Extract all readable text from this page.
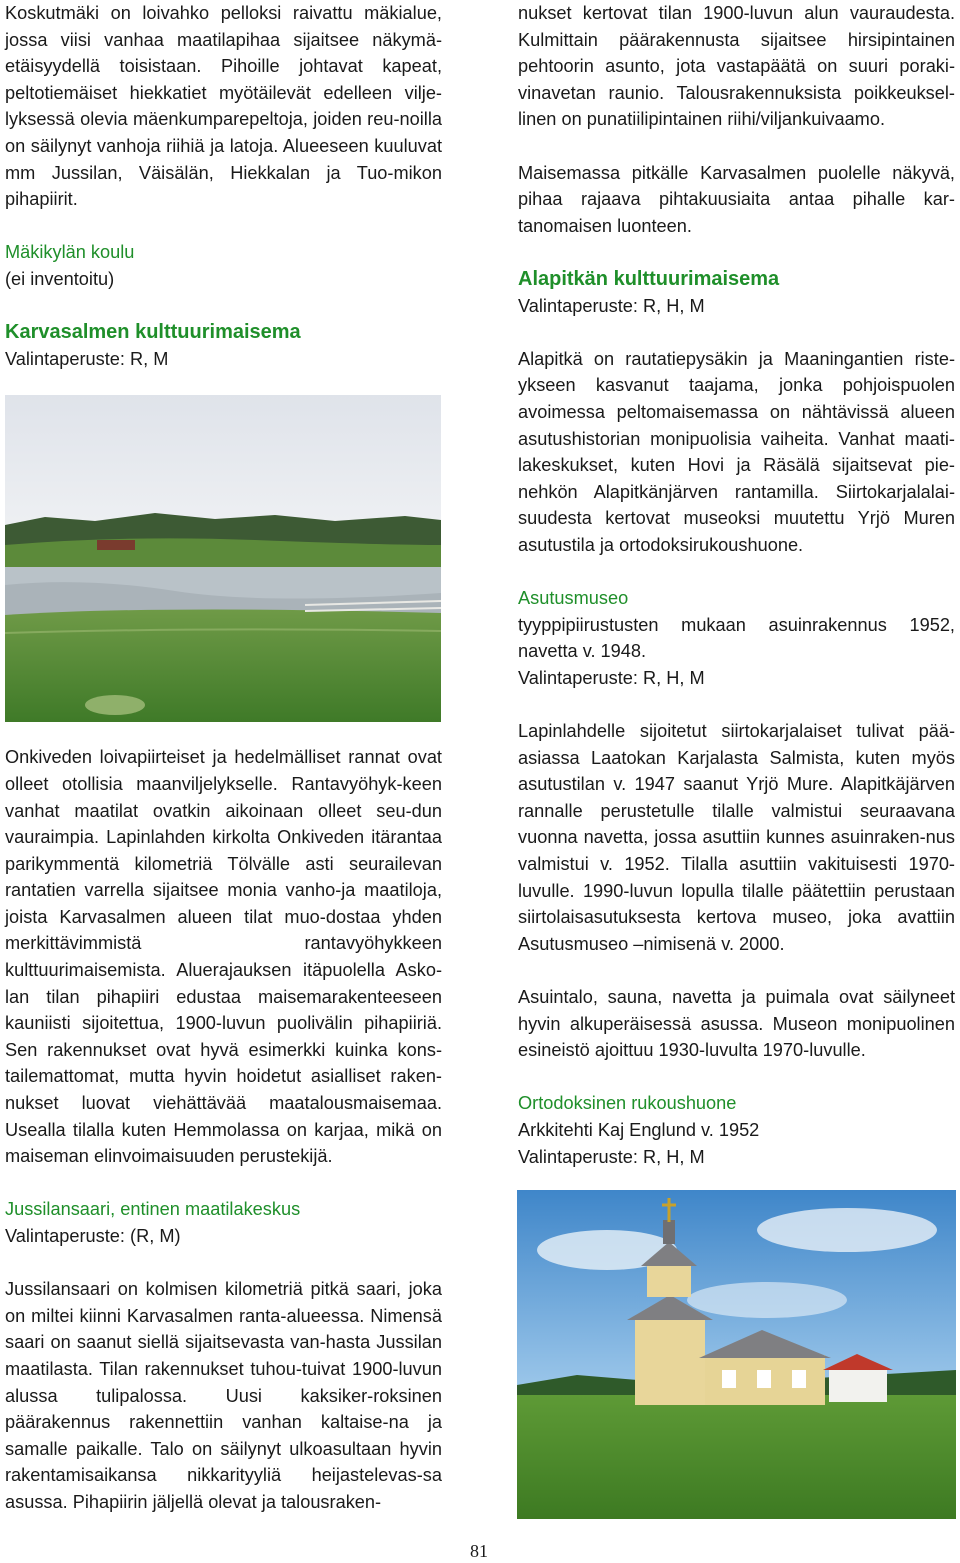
Koskutmäki on loivahko pelloksi raivattu mäkialue, jossa viisi vanhaa maatilapihaa sijaitsee näkymä-etäisyydellä toisistaan. Pihoille johtavat kapeat, peltotiemäiset hiekkatiet myötäilevät edelleen vilje-lyksessä olevia mäenkumparepeltoja, joiden reu-noilla on säilynyt vanhoja riihiä ja latoja. Alueeseen kuuluvat mm Jussilan, Väisälän, Hiekkalan ja Tuo-mikon pihapiirit.

Mäkikylän koulu
(ei inventoitu)
Karvasalmen kulttuurimaisema
Valintaperuste: R, M

Onkiveden loivapiirteiset ja hedelmälliset rannat ovat olleet otollisia maanviljelykselle. Rantavyöhyk-keen vanhat maatilat ovatkin aikoinaan olleet seu-dun vauraimpia. Lapinlahden kirkolta Onkiveden itärantaa parikymmentä kilometriä Tölvälle asti seurailevan rantatien varrella sijaitsee monia vanho-ja maatiloja, joista Karvasalmen alueen tilat muo-dostaa yhden merkittävimmistä rantavyöhykkeen kulttuurimaisemista. Aluerajauksen itäpuolella Asko-lan tilan pihapiiri edustaa maisemarakenteeseen kauniisti sijoitettua, 1900-luvun puolivälin pihapiiriä. Sen rakennukset ovat hyvä esimerkki kuinka kons-tailemattomat, mutta hyvin hoidetut asialliset raken-nukset luovat viehättävää maatalousmaisemaa. Usealla tilalla kuten Hemmolassa on karjaa, mikä on maiseman elinvoimaisuuden perustekijä.

Jussilansaari, entinen maatilakeskus
Valintaperuste: (R, M)

Jussilansaari on kolmisen kilometriä pitkä saari, joka on miltei kiinni Karvasalmen ranta-alueessa. Nimensä saari on saanut siellä sijaitsevasta van-hasta Jussilan maatilasta. Tilan rakennukset tuhou-tuivat 1900-luvun alussa tulipalossa. Uusi kaksiker-roksinen päärakennus rakennettiin vanhan kaltaise-na ja samalle paikalle. Talo on säilynyt ulkoasultaan hyvin rakentamisaikansa nikkarityyliä heijastelevas-sa asussa. Pihapiirin jäljellä olevat ja talousraken-

nukset kertovat tilan 1900-luvun alun vauraudesta. Kulmittain päärakennusta sijaitsee hirsipintainen pehtoorin asunto, jota vastapäätä on suuri poraki-vinavetan raunio. Talousrakennuksista poikkeuksel-linen on punatiilipintainen riihi/viljankuivaamo.

Maisemassa pitkälle Karvasalmen puolelle näkyvä, pihaa rajaava pihtakuusiaita antaa pihalle kar-tanomaisen luonteen.

Alapitkän kulttuurimaisema
Valintaperuste: R, H, M

Alapitkä on rautatiepysäkin ja Maaningantien riste-ykseen kasvanut taajama, jonka pohjoispuolen avoimessa peltomaisemassa on nähtävissä alueen asutushistorian monipuolisia vaiheita. Vanhat maati-lakeskukset, kuten Hovi ja Räsälä sijaitsevat pie-nehkön Alapitkänjärven rantamilla. Siirtokarjalalai-suudesta kertovat museoksi muutettu Yrjö Muren asutustila ja ortodoksirukoushuone.

Asutusmuseo

tyyppipiirustusten mukaan asuinrakennus 1952, navetta v. 1948.

Valintaperuste: R, H, M

Lapinlahdelle sijoitetut siirtokarjalaiset tulivat pää-asiassa Laatokan Karjalasta Salmista, kuten myös asutustilan v. 1947 saanut Yrjö Mure. Alapitkäjärven rannalle perustetulle tilalle valmistui seuraavana vuonna navetta, jossa asuttiin kunnes asuinraken-nus valmistui v. 1952. Tilalla asuttiin vakituisesti 1970-luvulle. 1990-luvun lopulla tilalle päätettiin perustaan siirtolaisasutuksesta kertova museo, joka avattiin Asutusmuseo –nimisenä v. 2000.

Asuintalo, sauna, navetta ja puimala ovat säilyneet hyvin alkuperäisessä asussa. Museon monipuolinen esineistö ajoittuu 1930-luvulta 1970-luvulle.

Ortodoksinen rukoushuone
Arkkitehti Kaj Englund v. 1952
Valintaperuste: R, H, M
81
